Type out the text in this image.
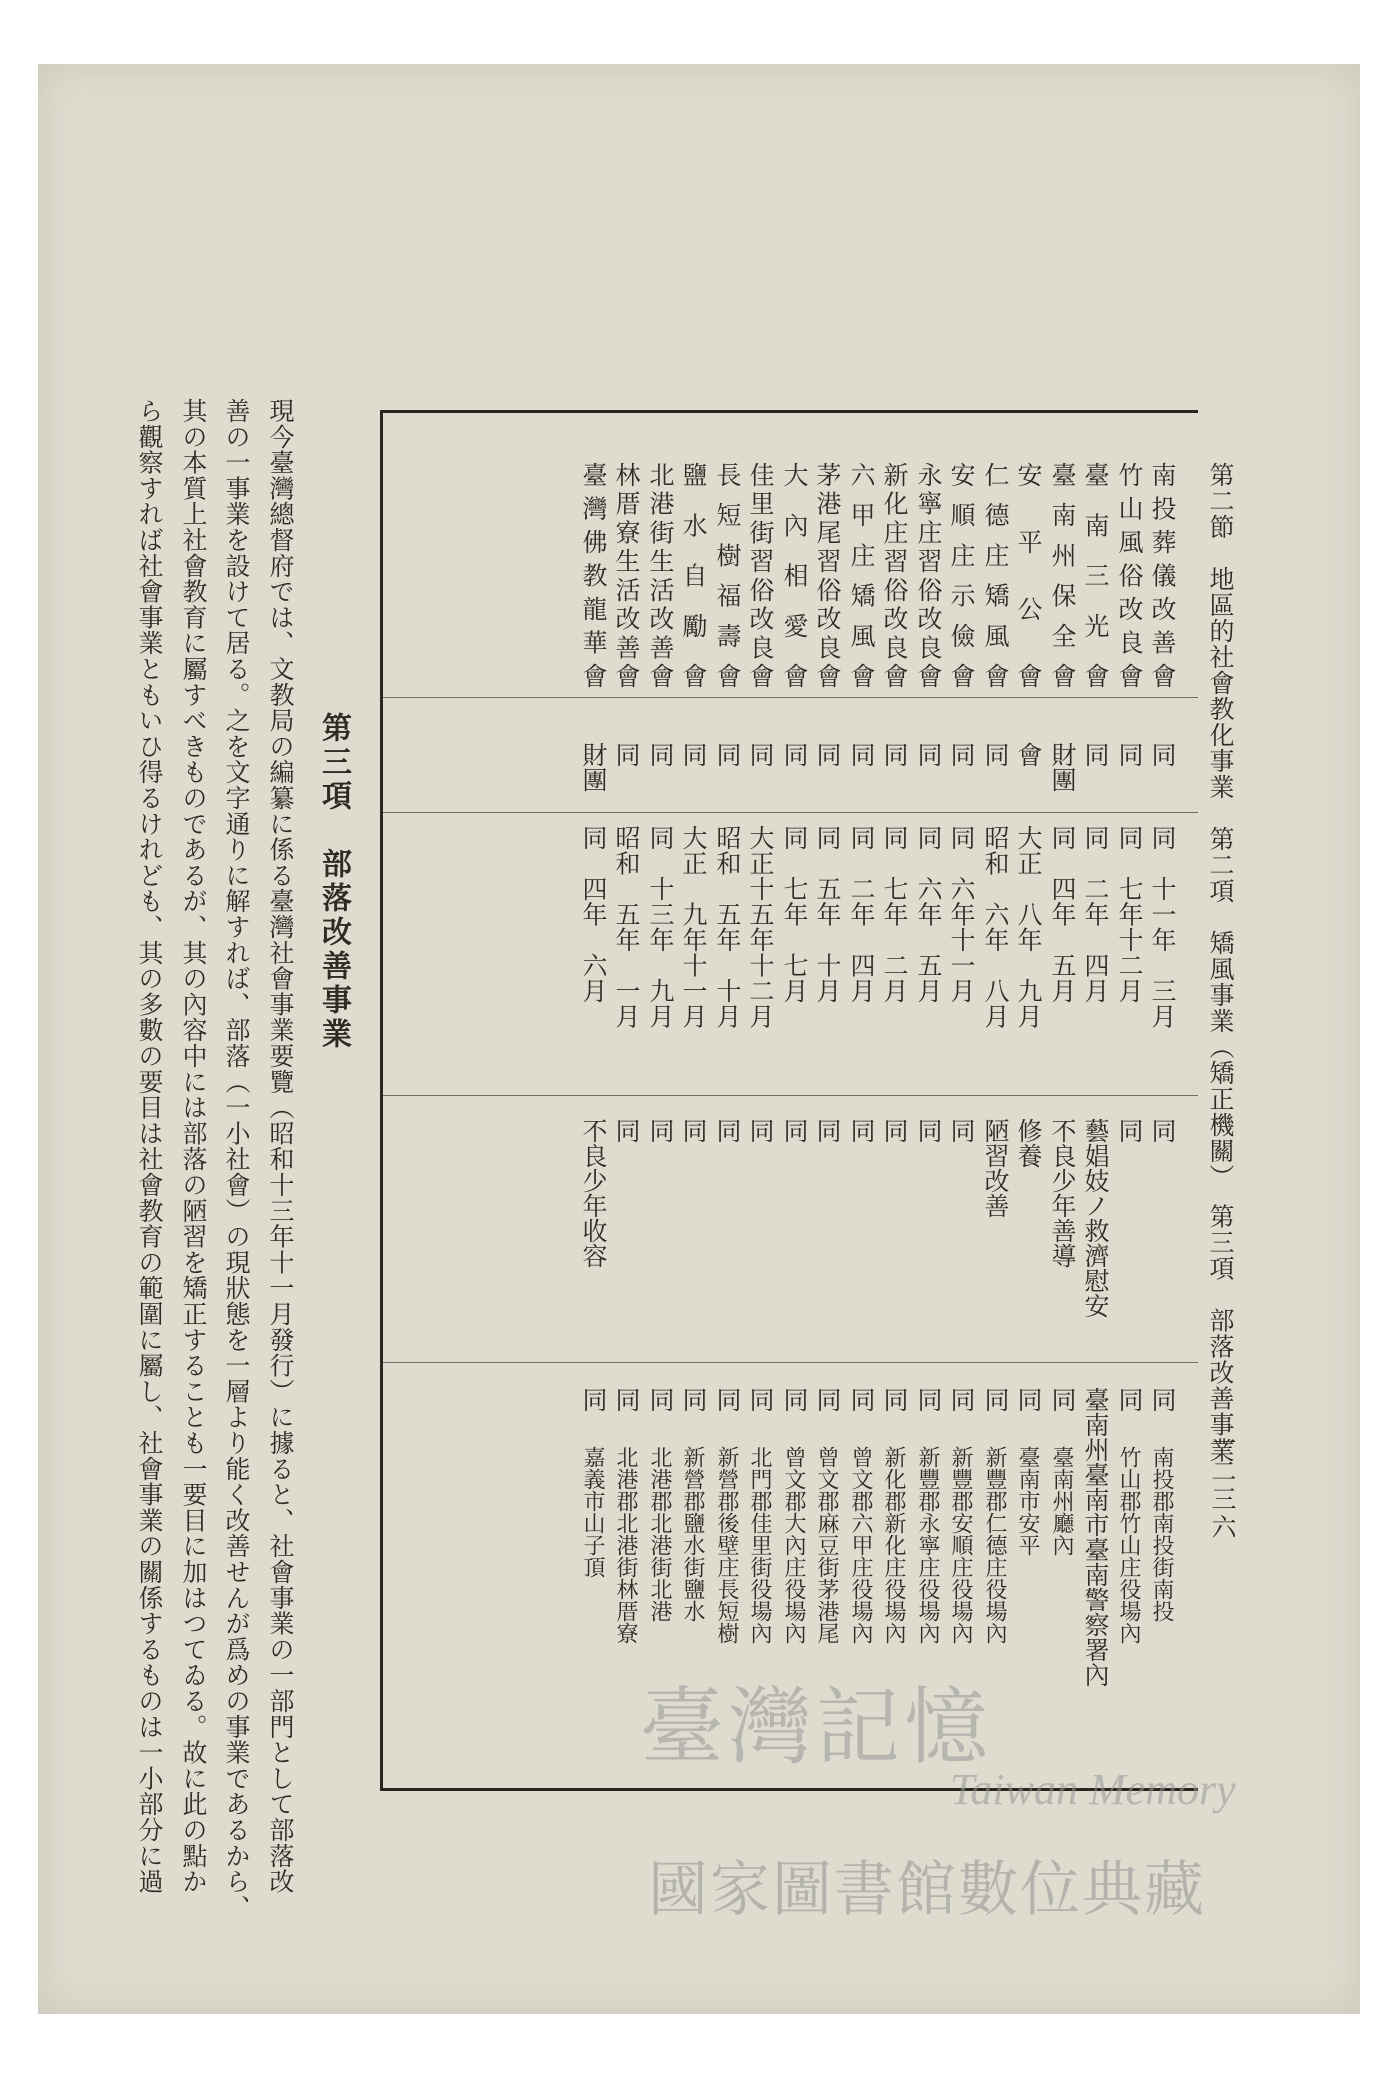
第二節　地區的社會教化事業　第二項　矯風事業（矯正機關）　第三項　部落改善事業
一二三六
南投葬儀改善會
同
同　十一年　三月
同
同
南投郡南投街南投
竹山風俗改良會
同
同　七年十二月
同
同
竹山郡竹山庄役場內
臺南三光會
同
同　二年　四月
藝娼妓ノ救濟慰安
臺南州臺南市臺南警察署內
臺南州保全會
財團
同　四年　五月
不良少年善導
同
臺南州廳內
安平公會
會
大正　八年　九月
修養
同
臺南市安平
仁德庄矯風會
同
昭和　六年　八月
陋習改善
同
新豐郡仁德庄役場內
安順庄示儉會
同
同　六年十一月
同
同
新豐郡安順庄役場內
永寧庄習俗改良會
同
同　六年　五月
同
同
新豐郡永寧庄役場內
新化庄習俗改良會
同
同　七年　二月
同
同
新化郡新化庄役場內
六甲庄矯風會
同
同　二年　四月
同
同
曾文郡六甲庄役場內
茅港尾習俗改良會
同
同　五年　十月
同
同
曾文郡麻豆街茅港尾
大內相愛會
同
同　七年　七月
同
同
曾文郡大內庄役場內
佳里街習俗改良會
同
大正十五年十二月
同
同
北門郡佳里街役場內
長短樹福壽會
同
昭和　五年　十月
同
同
新營郡後壁庄長短樹
鹽水自勵會
同
大正　九年十一月
同
同
新營郡鹽水街鹽水
北港街生活改善會
同
同　十三年　九月
同
同
北港郡北港街北港
林厝寮生活改善會
同
昭和　五年　一月
同
同
北港郡北港街林厝寮
臺灣佛教龍華會
財團
同　四年　六月
不良少年收容
同
嘉義市山子頂
第三項　部落改善事業
現今臺灣總督府では、文教局の編纂に係る臺灣社會事業要覽（昭和十三年十一月發行）に據ると、社會事業の一部門として部落改
善の一事業を設けて居る。之を文字通りに解すれば、部落（一小社會）の現狀態を一層より能く改善せんが爲めの事業であるから、
其の本質上社會教育に屬すべきものであるが、其の內容中には部落の陋習を矯正することも一要目に加はつてゐる。故に此の點か
ら觀察すれば社會事業ともいひ得るけれども、其の多數の要目は社會教育の範圍に屬し、社會事業の關係するものは一小部分に過	臺灣記憶
Taiwan Memory
國家圖書館數位典藏
